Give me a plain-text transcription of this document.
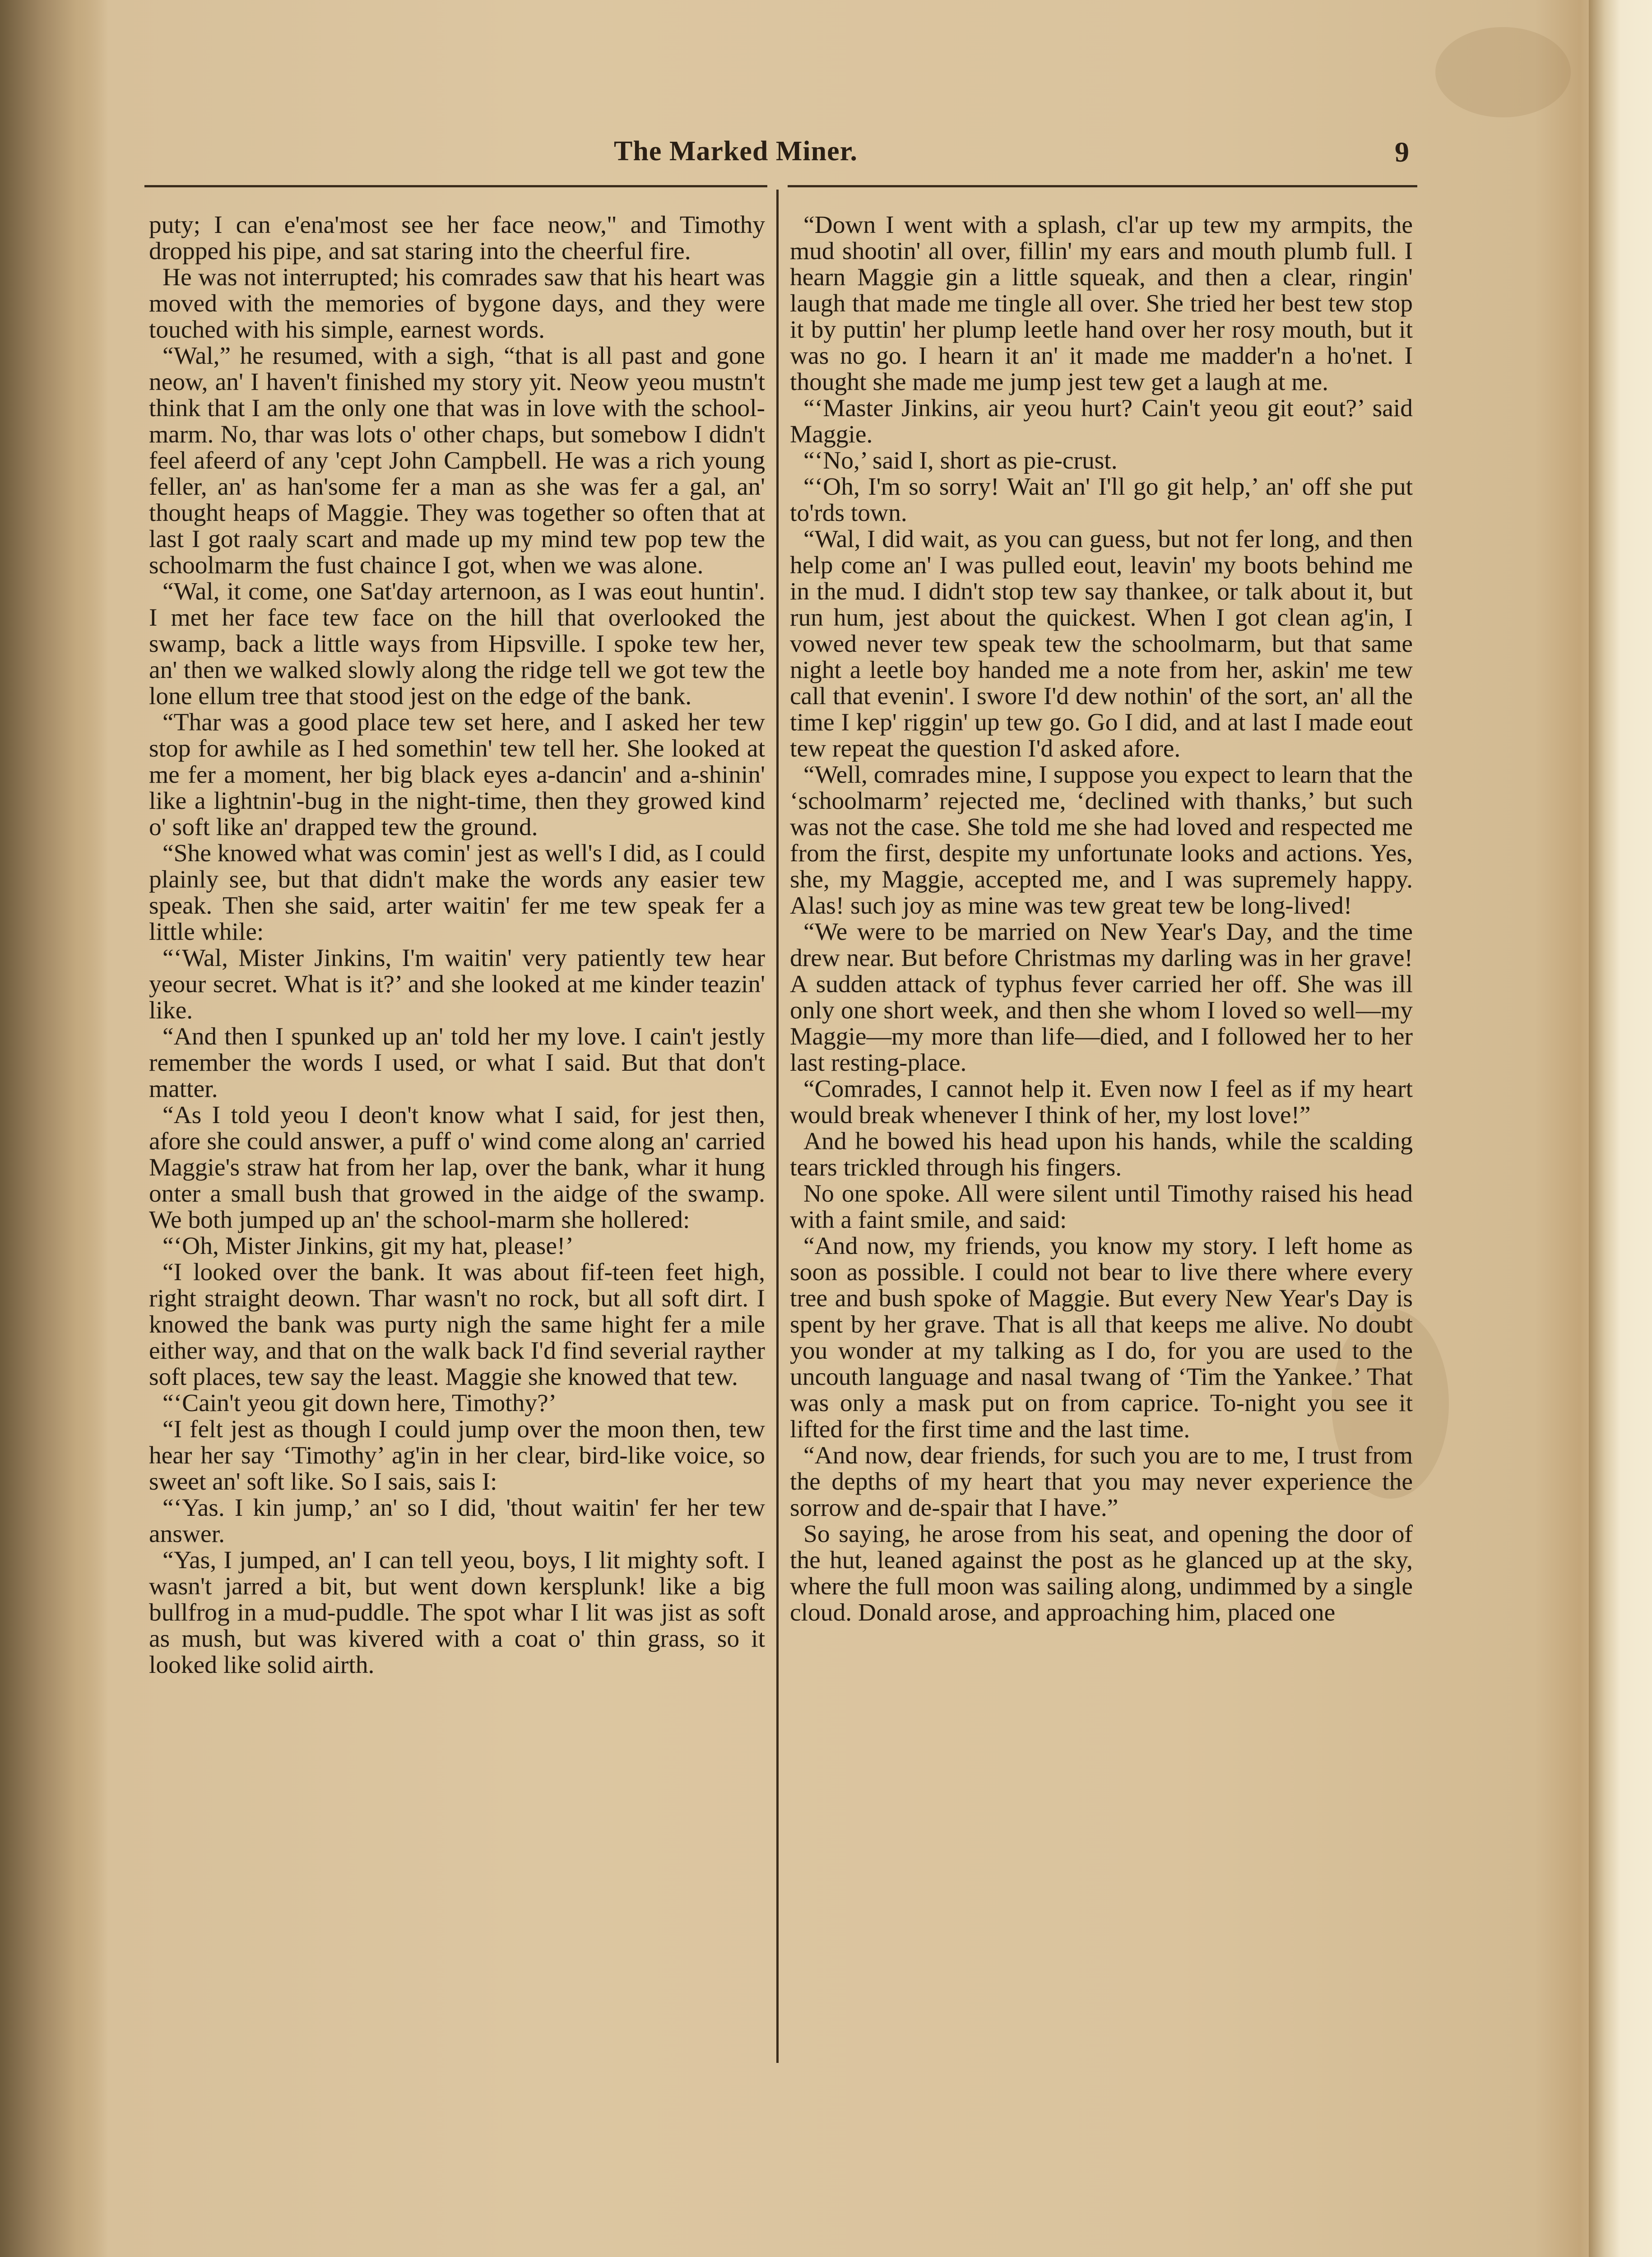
The Marked Miner.	9

puty; I can e'ena'most see her face neow," and Timothy dropped his pipe, and sat staring into the cheerful fire.

He was not interrupted; his comrades saw that his heart was moved with the memories of bygone days, and they were touched with his simple, earnest words.

“Wal,” he resumed, with a sigh, “that is all past and gone neow, an' I haven't finished my story yit. Neow yeou mustn't think that I am the only one that was in love with the school-marm. No, thar was lots o' other chaps, but somebow I didn't feel afeerd of any 'cept John Campbell. He was a rich young feller, an' as han'some fer a man as she was fer a gal, an' thought heaps of Maggie. They was together so often that at last I got raaly scart and made up my mind tew pop tew the schoolmarm the fust chaince I got, when we was alone.

“Wal, it come, one Sat'day arternoon, as I was eout huntin'. I met her face tew face on the hill that overlooked the swamp, back a little ways from Hipsville. I spoke tew her, an' then we walked slowly along the ridge tell we got tew the lone ellum tree that stood jest on the edge of the bank.

“Thar was a good place tew set here, and I asked her tew stop for awhile as I hed somethin' tew tell her. She looked at me fer a moment, her big black eyes a-dancin' and a-shinin' like a lightnin'-bug in the night-time, then they growed kind o' soft like an' drapped tew the ground.

“She knowed what was comin' jest as well's I did, as I could plainly see, but that didn't make the words any easier tew speak. Then she said, arter waitin' fer me tew speak fer a little while:

“‘Wal, Mister Jinkins, I'm waitin' very patiently tew hear yeour secret. What is it?’ and she looked at me kinder teazin' like.

“And then I spunked up an' told her my love. I cain't jestly remember the words I used, or what I said. But that don't matter.

“As I told yeou I deon't know what I said, for jest then, afore she could answer, a puff o' wind come along an' carried Maggie's straw hat from her lap, over the bank, whar it hung onter a small bush that growed in the aidge of the swamp. We both jumped up an' the school-marm she hollered:

“‘Oh, Mister Jinkins, git my hat, please!’

“I looked over the bank. It was about fif-teen feet high, right straight deown. Thar wasn't no rock, but all soft dirt. I knowed the bank was purty nigh the same hight fer a mile either way, and that on the walk back I'd find severial rayther soft places, tew say the least. Maggie she knowed that tew.

“‘Cain't yeou git down here, Timothy?’

“I felt jest as though I could jump over the moon then, tew hear her say ‘Timothy’ ag'in in her clear, bird-like voice, so sweet an' soft like. So I sais, sais I:

“‘Yas. I kin jump,’ an' so I did, 'thout waitin' fer her tew answer.

“Yas, I jumped, an' I can tell yeou, boys, I lit mighty soft. I wasn't jarred a bit, but went down kersplunk! like a big bullfrog in a mud-puddle. The spot whar I lit was jist as soft as mush, but was kivered with a coat o' thin grass, so it looked like solid airth.

“Down I went with a splash, cl'ar up tew my armpits, the mud shootin' all over, fillin' my ears and mouth plumb full. I hearn Maggie gin a little squeak, and then a clear, ringin' laugh that made me tingle all over. She tried her best tew stop it by puttin' her plump leetle hand over her rosy mouth, but it was no go. I hearn it an' it made me madder'n a ho'net. I thought she made me jump jest tew get a laugh at me.

“‘Master Jinkins, air yeou hurt? Cain't yeou git eout?’ said Maggie.

“‘No,’ said I, short as pie-crust.

“‘Oh, I'm so sorry! Wait an' I'll go git help,’ an' off she put to'rds town.

“Wal, I did wait, as you can guess, but not fer long, and then help come an' I was pulled eout, leavin' my boots behind me in the mud. I didn't stop tew say thankee, or talk about it, but run hum, jest about the quickest. When I got clean ag'in, I vowed never tew speak tew the schoolmarm, but that same night a leetle boy handed me a note from her, askin' me tew call that evenin'. I swore I'd dew nothin' of the sort, an' all the time I kep' riggin' up tew go. Go I did, and at last I made eout tew repeat the question I'd asked afore.

“Well, comrades mine, I suppose you expect to learn that the ‘schoolmarm’ rejected me, ‘declined with thanks,’ but such was not the case. She told me she had loved and respected me from the first, despite my unfortunate looks and actions. Yes, she, my Maggie, accepted me, and I was supremely happy. Alas! such joy as mine was tew great tew be long-lived!

“We were to be married on New Year's Day, and the time drew near. But before Christmas my darling was in her grave! A sudden attack of typhus fever carried her off. She was ill only one short week, and then she whom I loved so well—my Maggie—my more than life—died, and I followed her to her last resting-place.

“Comrades, I cannot help it. Even now I feel as if my heart would break whenever I think of her, my lost love!”

And he bowed his head upon his hands, while the scalding tears trickled through his fingers.

No one spoke. All were silent until Timothy raised his head with a faint smile, and said:

“And now, my friends, you know my story. I left home as soon as possible. I could not bear to live there where every tree and bush spoke of Maggie. But every New Year's Day is spent by her grave. That is all that keeps me alive. No doubt you wonder at my talking as I do, for you are used to the uncouth language and nasal twang of ‘Tim the Yankee.’ That was only a mask put on from caprice. To-night you see it lifted for the first time and the last time.

“And now, dear friends, for such you are to me, I trust from the depths of my heart that you may never experience the sorrow and de-spair that I have.”

So saying, he arose from his seat, and opening the door of the hut, leaned against the post as he glanced up at the sky, where the full moon was sailing along, undimmed by a single cloud. Donald arose, and approaching him, placed one
